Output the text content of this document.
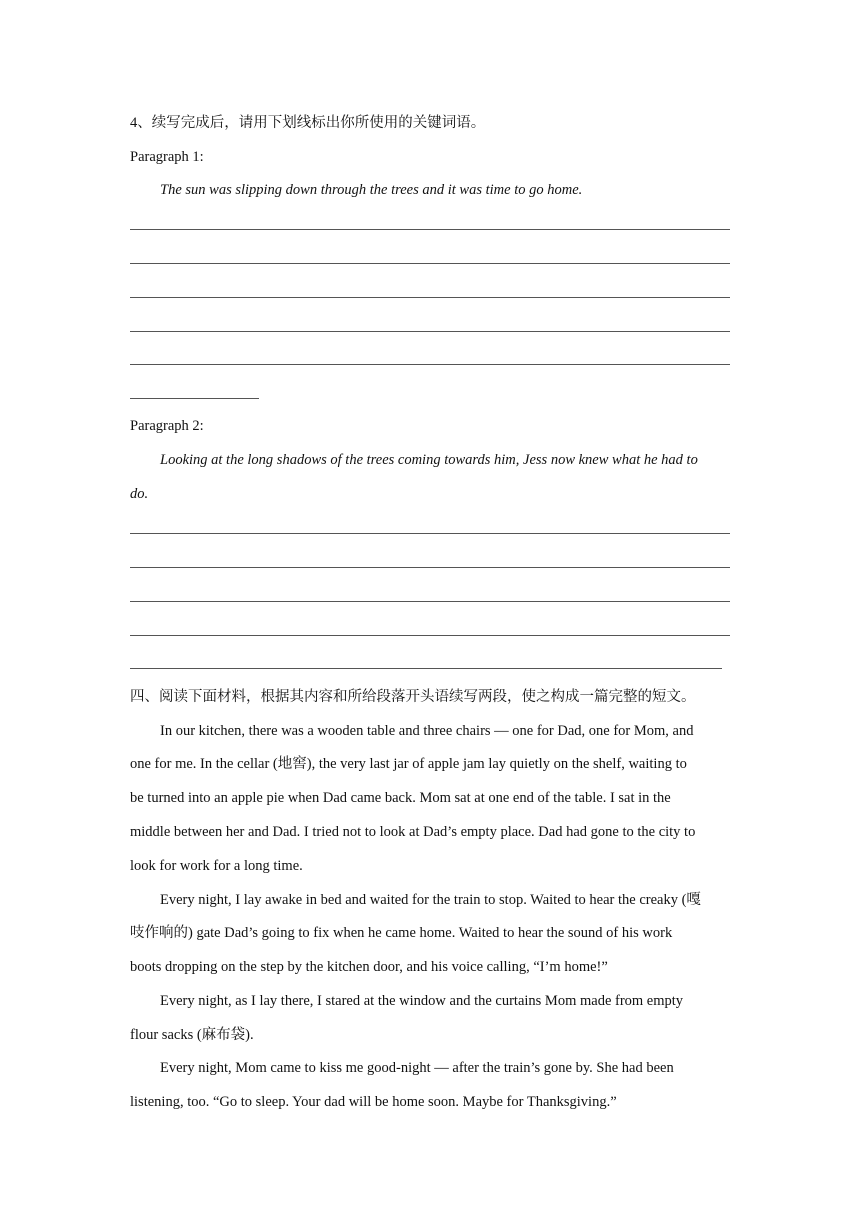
4、续写完成后，请用下划线标出你所使用的关键词语。
Paragraph 1:
The sun was slipping down through the trees and it was time to go home.
Paragraph 2:
Looking at the long shadows of the trees coming towards him, Jess now knew what he had to
do.
四、阅读下面材料，根据其内容和所给段落开头语续写两段，使之构成一篇完整的短文。
In our kitchen, there was a wooden table and three chairs — one for Dad, one for Mom, and
one for me. In the cellar (地窖), the very last jar of apple jam lay quietly on the shelf, waiting to
be turned into an apple pie when Dad came back. Mom sat at one end of the table. I sat in the
middle between her and Dad. I tried not to look at Dad’s empty place. Dad had gone to the city to
look for work for a long time.
Every night, I lay awake in bed and waited for the train to stop. Waited to hear the creaky (嘎
吱作响的) gate Dad’s going to fix when he came home. Waited to hear the sound of his work
boots dropping on the step by the kitchen door, and his voice calling, “I’m home!”
Every night, as I lay there, I stared at the window and the curtains Mom made from empty
flour sacks (麻布袋).
Every night, Mom came to kiss me good-night — after the train’s gone by. She had been
listening, too. “Go to sleep. Your dad will be home soon. Maybe for Thanksgiving.”
